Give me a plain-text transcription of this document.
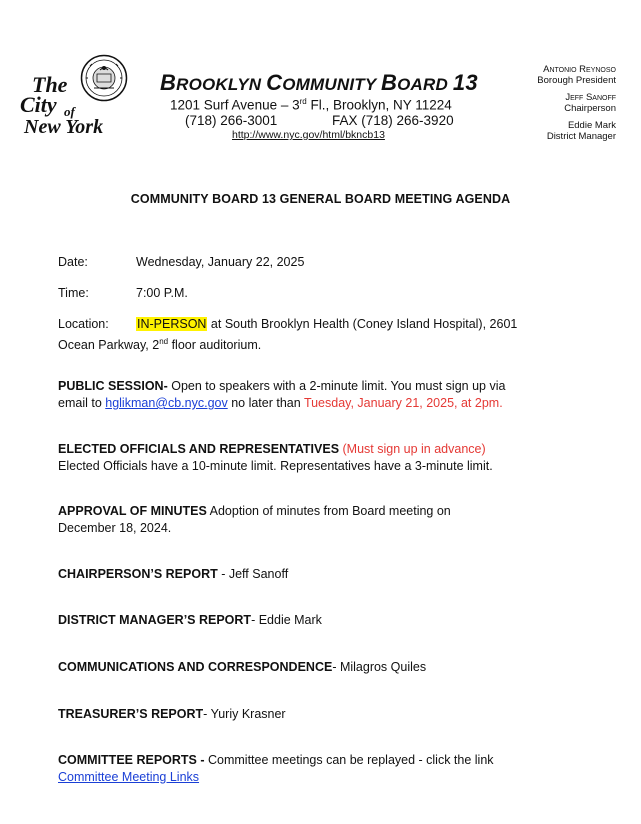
The
City of
New York
BROOKLYN COMMUNITY BOARD 13
1201 Surf Avenue – 3rd Fl., Brooklyn, NY 11224
(718) 266-3001	FAX (718) 266-3920
http://www.nyc.gov/html/bkncb13
Antonio Reynoso
Borough President
Jeff Sanoff
Chairperson
Eddie Mark
District Manager
COMMUNITY BOARD 13 GENERAL BOARD MEETING AGENDA
Date:	Wednesday, January 22, 2025
Time:	7:00 P.M.
Location: IN-PERSON at South Brooklyn Health (Coney Island Hospital), 2601
Ocean Parkway, 2nd floor auditorium.
PUBLIC SESSION- Open to speakers with a 2-minute limit. You must sign up via
email to hglikman@cb.nyc.gov no later than Tuesday, January 21, 2025, at 2pm.
ELECTED OFFICIALS AND REPRESENTATIVES (Must sign up in advance)
Elected Officials have a 10-minute limit. Representatives have a 3-minute limit.
APPROVAL OF MINUTES Adoption of minutes from Board meeting on
December 18, 2024.
CHAIRPERSON’S REPORT - Jeff Sanoff
DISTRICT MANAGER’S REPORT- Eddie Mark
COMMUNICATIONS AND CORRESPONDENCE- Milagros Quiles
TREASURER’S REPORT- Yuriy Krasner
COMMITTEE REPORTS - Committee meetings can be replayed - click the link
Committee Meeting Links
